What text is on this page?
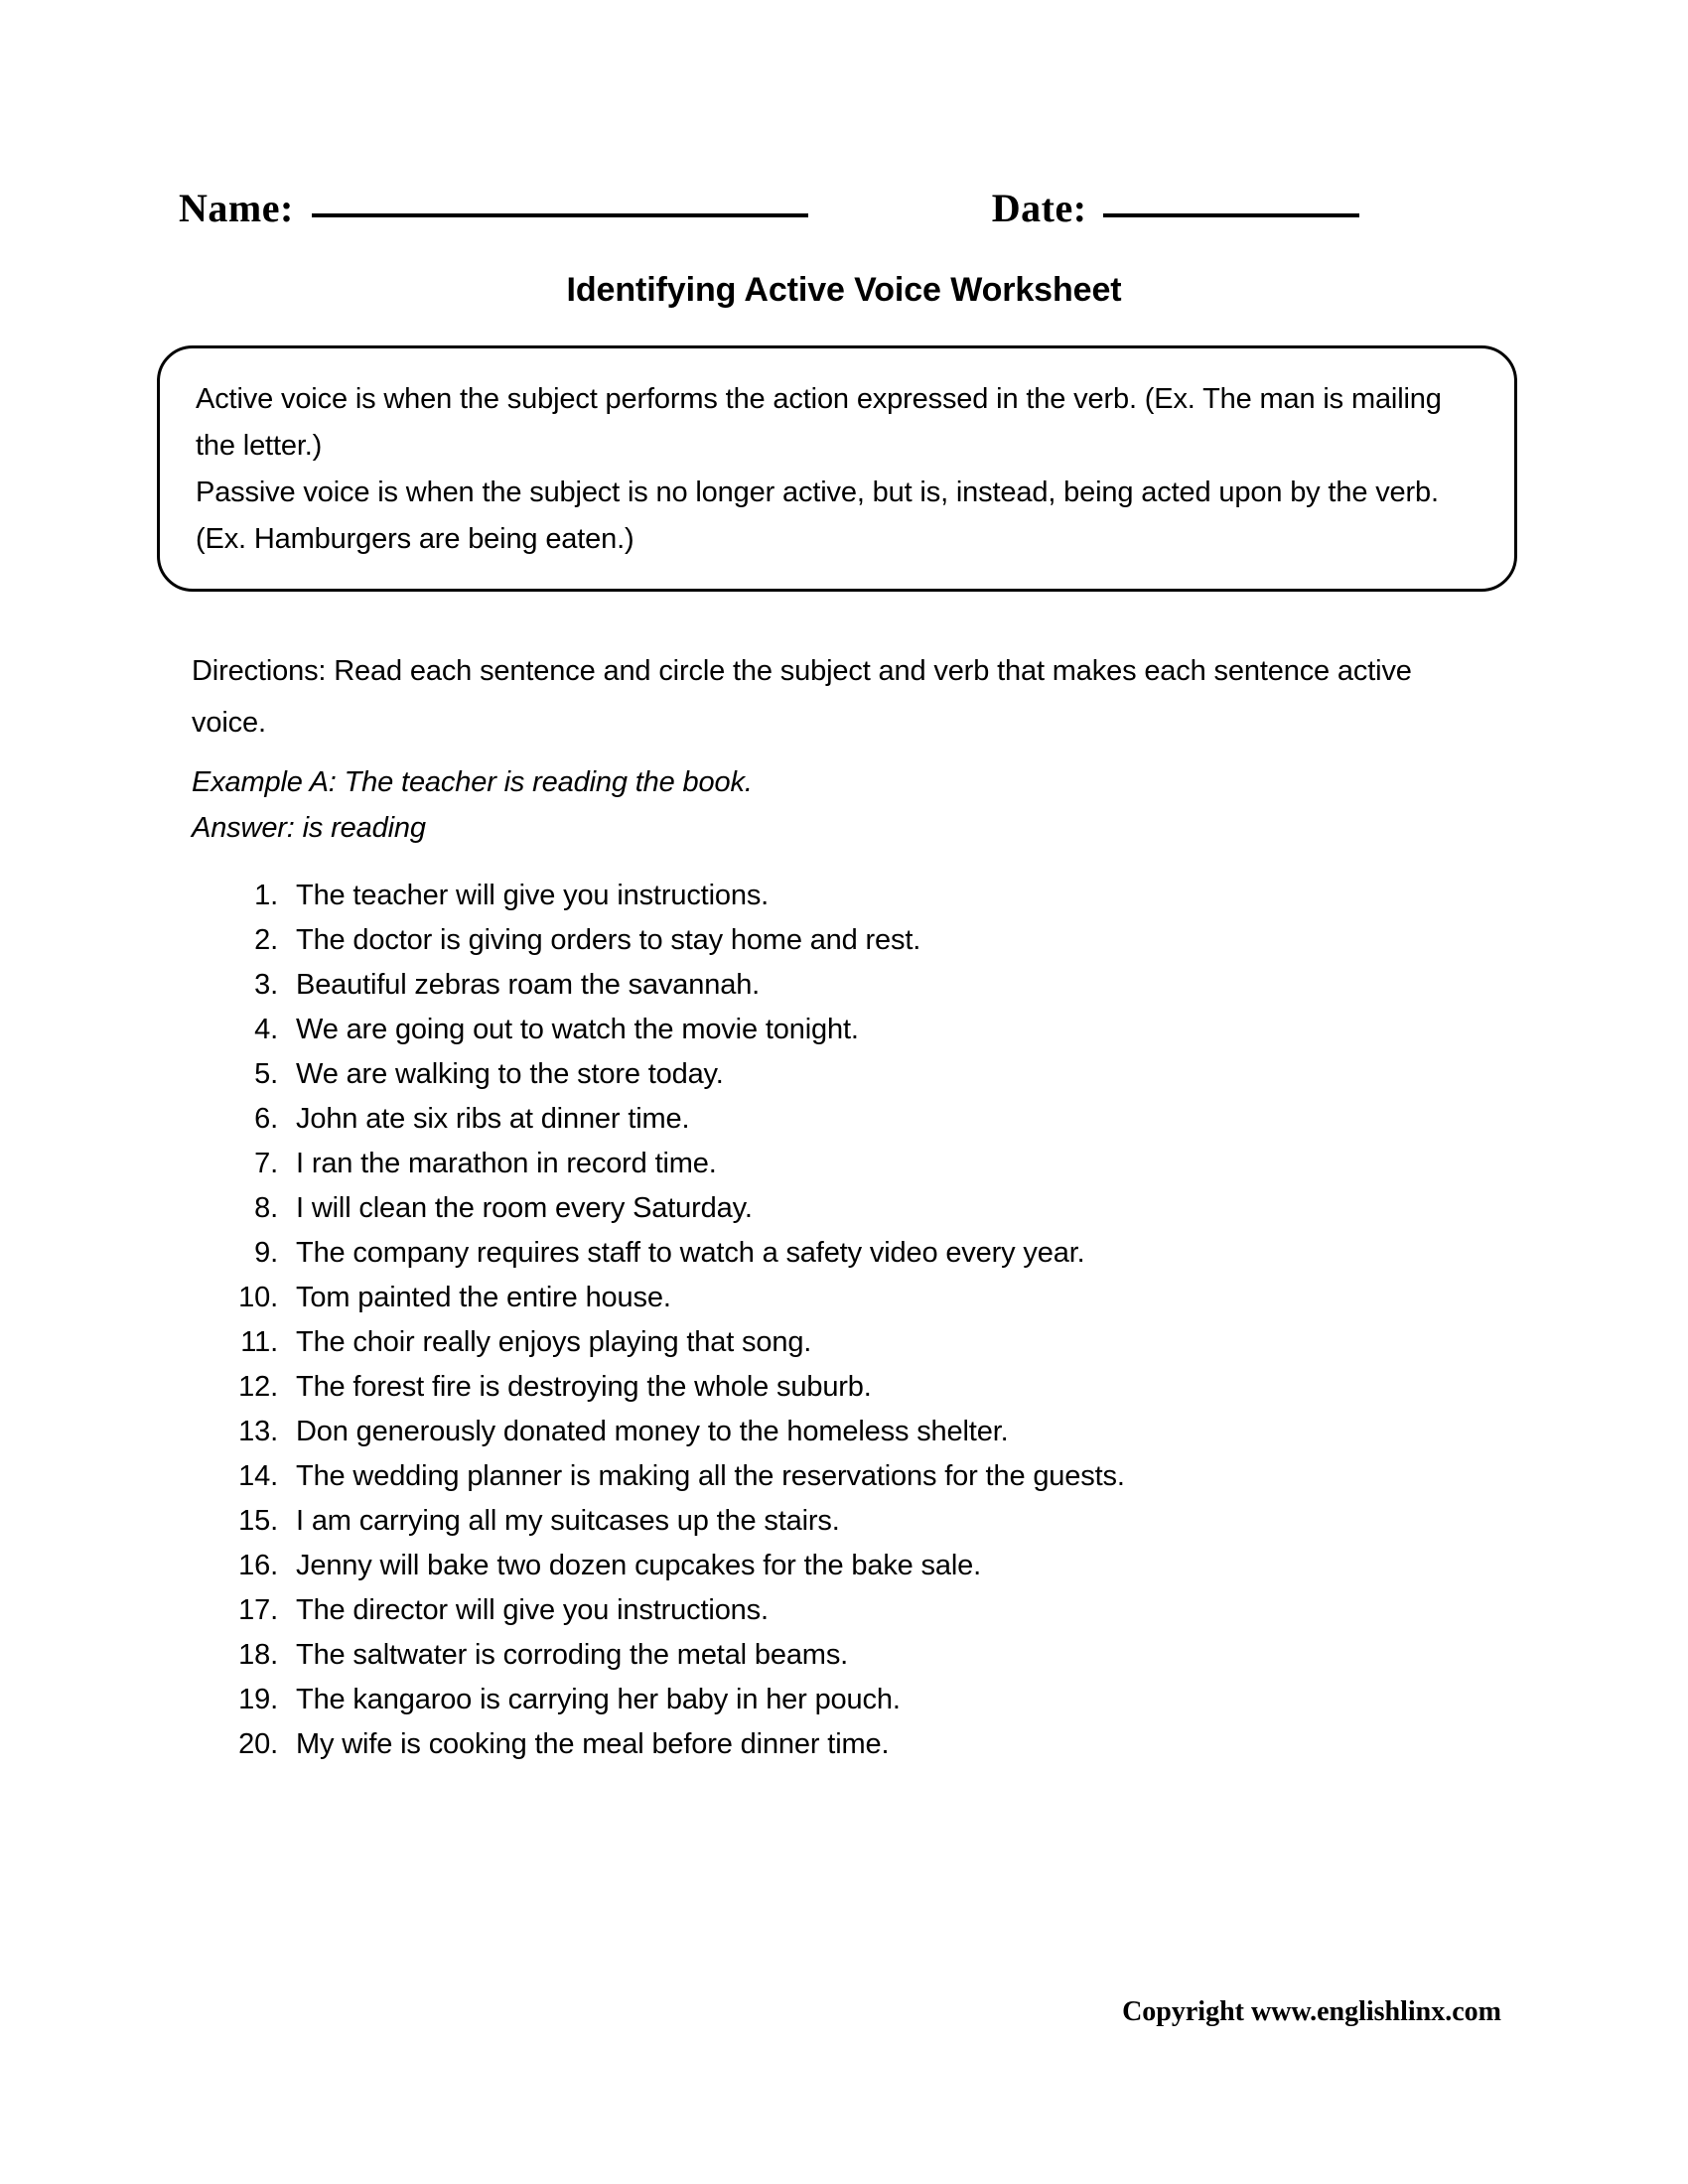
Name:	Date:
Identifying Active Voice Worksheet

Active voice is when the subject performs the action expressed in the verb. (Ex. The man is mailing the letter.)

Passive voice is when the subject is no longer active, but is, instead, being acted upon by the verb. (Ex. Hamburgers are being eaten.)

Directions: Read each sentence and circle the subject and verb that makes each sentence active voice.
Example A: The teacher is reading the book.
Answer: is reading
1. The teacher will give you instructions.
2. The doctor is giving orders to stay home and rest.
3. Beautiful zebras roam the savannah.
4. We are going out to watch the movie tonight.
5. We are walking to the store today.
6. John ate six ribs at dinner time.
7. I ran the marathon in record time.
8. I will clean the room every Saturday.
9. The company requires staff to watch a safety video every year.
10. Tom painted the entire house.
11. The choir really enjoys playing that song.
12. The forest fire is destroying the whole suburb.
13. Don generously donated money to the homeless shelter.
14. The wedding planner is making all the reservations for the guests.
15. I am carrying all my suitcases up the stairs.
16. Jenny will bake two dozen cupcakes for the bake sale.
17. The director will give you instructions.
18. The saltwater is corroding the metal beams.
19. The kangaroo is carrying her baby in her pouch.
20. My wife is cooking the meal before dinner time.
Copyright www.englishlinx.com
